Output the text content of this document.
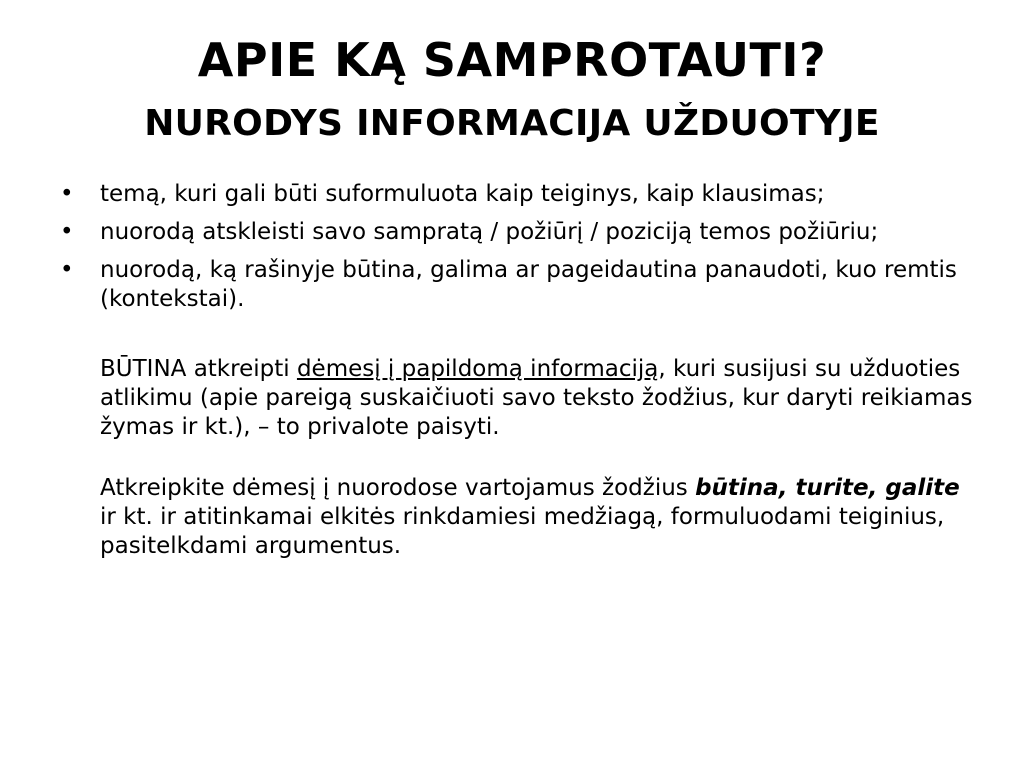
APIE KĄ SAMPROTAUTI?
NURODYS INFORMACIJA UŽDUOTYJE
• temą, kuri gali būti suformuluota kaip teiginys, kaip klausimas;
• nuorodą atskleisti savo sampratą / požiūrį / poziciją temos požiūriu;
• nuorodą, ką rašinyje būtina, galima ar pageidautina panaudoti, kuo remtis (kontekstai).

BŪTINA atkreipti dėmesį į papildomą informaciją, kuri susijusi su užduoties atlikimu (apie pareigą suskaičiuoti savo teksto žodžius, kur daryti reikiamas žymas ir kt.), – to privalote paisyti.

Atkreipkite dėmesį į nuorodose vartojamus žodžius būtina, turite, galite ir kt. ir atitinkamai elkitės rinkdamiesi medžiagą, formuluodami teiginius, pasitelkdami argumentus.
